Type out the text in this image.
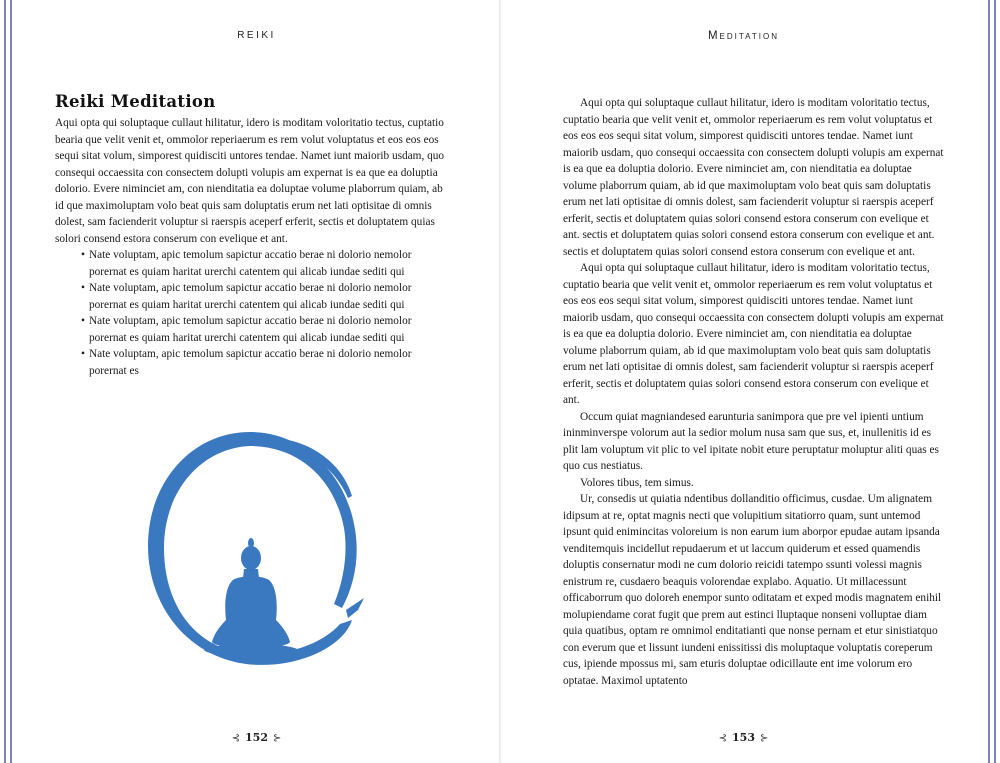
REIKI
Reiki Meditation

Aqui opta qui soluptaque cullaut hilitatur, idero is moditam voloritatio tectus, cuptatio bearia que velit venit et, ommolor reperiaerum es rem volut voluptatus et eos eos eos sequi sitat volum, simporest quidisciti untores tendae. Namet iunt maiorib usdam, quo consequi occaessita con consectem dolupti volupis am expernat is ea que ea doluptia dolorio. Evere niminciet am, con nienditatia ea doluptae volume plaborrum quiam, ab id que maximoluptam volo beat quis sam doluptatis erum net lati optisitae di omnis dolest, sam facienderit voluptur si raerspis aceperf erferit, sectis et doluptatem quias solori consend estora conserum con evelique et ant.

• Nate voluptam, apic temolum sapictur accatio berae ni dolorio nemolor porernat es quiam haritat urerchi catentem qui alicab iundae sediti qui
• Nate voluptam, apic temolum sapictur accatio berae ni dolorio nemolor porernat es quiam haritat urerchi catentem qui alicab iundae sediti qui
• Nate voluptam, apic temolum sapictur accatio berae ni dolorio nemolor porernat es quiam haritat urerchi catentem qui alicab iundae sediti qui
• Nate voluptam, apic temolum sapictur accatio berae ni dolorio nemolor porernat es
⊰ 152 ⊱
Meditation

Aqui opta qui soluptaque cullaut hilitatur, idero is moditam voloritatio tectus, cuptatio bearia que velit venit et, ommolor reperiaerum es rem volut voluptatus et eos eos eos sequi sitat volum, simporest quidisciti untores tendae. Namet iunt maiorib usdam, quo consequi occaessita con consectem dolupti volupis am expernat is ea que ea doluptia dolorio. Evere niminciet am, con nienditatia ea doluptae volume plaborrum quiam, ab id que maximoluptam volo beat quis sam doluptatis erum net lati optisitae di omnis dolest, sam facienderit voluptur si raerspis aceperf erferit, sectis et doluptatem quias solori consend estora conserum con evelique et ant. sectis et doluptatem quias solori consend estora conserum con evelique et ant. sectis et doluptatem quias solori consend estora conserum con evelique et ant.

Aqui opta qui soluptaque cullaut hilitatur, idero is moditam voloritatio tectus, cuptatio bearia que velit venit et, ommolor reperiaerum es rem volut voluptatus et eos eos eos sequi sitat volum, simporest quidisciti untores tendae. Namet iunt maiorib usdam, quo consequi occaessita con consectem dolupti volupis am expernat is ea que ea doluptia dolorio. Evere niminciet am, con nienditatia ea doluptae volume plaborrum quiam, ab id que maximoluptam volo beat quis sam doluptatis erum net lati optisitae di omnis dolest, sam facienderit voluptur si raerspis aceperf erferit, sectis et doluptatem quias solori consend estora conserum con evelique et ant.

Occum quiat magniandesed earunturia sanimpora que pre vel ipienti untium ininminverspe volorum aut la sedior molum nusa sam que sus, et, inullenitis id es plit lam voluptum vit plic to vel ipitate nobit eture peruptatur moluptur aliti quas es quo cus nestiatus.

Volores tibus, tem simus.

Ur, consedis ut quiatia ndentibus dollanditio officimus, cusdae. Um alignatem idipsum at re, optat magnis necti que volupitium sitatiorro quam, sunt untemod ipsunt quid enimincitas voloreium is non earum ium aborpor epudae autam ipsanda venditemquis incidellut repudaerum et ut laccum quiderum et essed quamendis doluptis consernatur modi ne cum dolorio reicidi tatempo ssunti volessi magnis enistrum re, cusdaero beaquis volorendae explabo. Aquatio. Ut millacessunt officaborrum quo doloreh enempor sunto oditatam et exped modis magnatem enihil molupiendame corat fugit que prem aut estinci lluptaque nonseni volluptae diam quia quatibus, optam re omnimol enditatianti que nonse pernam et etur sinistiatquo con everum que et lissunt iundeni enissitissi dis moluptaque voluptatis coreperum cus, ipiende mpossus mi, sam eturis doluptae odicillaute ent ime volorum ero optatae. Maximol uptatento

⊰ 153 ⊱
